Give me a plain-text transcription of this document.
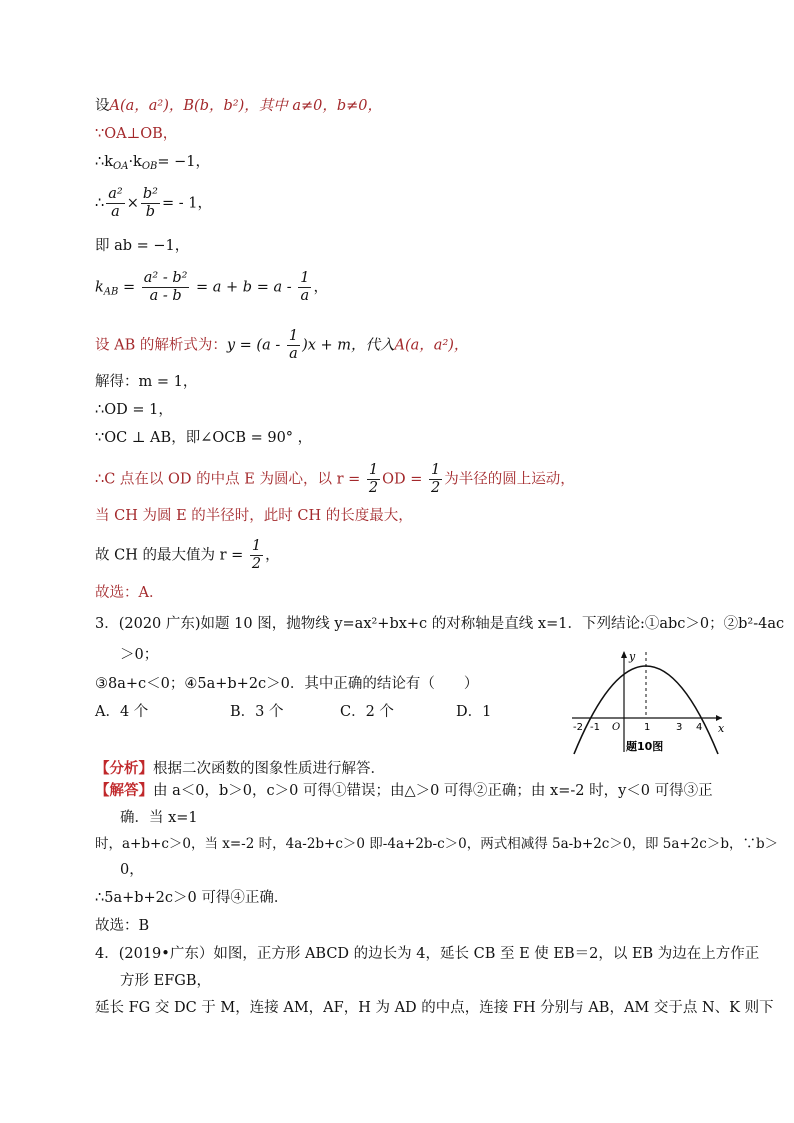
设A(a，a²)，B(b，b²)，其中 a≠0，b≠0，
∵OA⊥OB，
$\therefore k_{OA}\cdot k_{OB}= -1$，
∴ $\frac{\text{a²}}{a} \times \frac{\text{b²}}{b}$ = - 1，
即 ab = −1，
$k_{AB} = \frac{\text{a² - b²}}{a - b} = a + b = a - \frac{1}{a}$ ，
设 AB 的解析式为：$y = (a - \frac{1}{a} )x + m$，代入A(a，a²)，
解得：m = 1，
∴OD = 1，
∵OC ⊥ AB，即∠OCB = 90° ，
∴C 点在以 OD 的中点 E 为圆心，以 $r = \frac{1}{2}$ OD = $\frac{1}{2}$ 为半径的圆上运动，
当 CH 为圆 E 的半径时，此时 CH 的长度最大，
故 CH 的最大值为 $r = \frac{1}{2}$ ，
故选：A．
3．(2020 广东)如题 10 图，抛物线 y=ax²+bx+c 的对称轴是直线 x=1．下列结论:①abc＞0；②b²-4ac
＞0；
③8a+c＜0；④5a+b+2c＞0．其中正确的结论有（　　）
A．4 个	B．3 个	C．2 个	D．1
y
x
-2 -1 O 1	3 4
题10图
【分析】根据二次函数的图象性质进行解答．
【解答】由 a＜0，b＞0，c＞0 可得①错误；由△＞0 可得②正确；由 x=-2 时，y＜0 可得③正
确．当 x=1
时，a+b+c＞0，当 x=-2 时，4a-2b+c＞0 即-4a+2b-c＞0，两式相减得 5a-b+2c＞0，即 5a+2c＞b，∵b＞
0，
∴5a+b+2c＞0 可得④正确．
故选：B
4．(2019•广东）如图，正方形 ABCD 的边长为 4，延长 CB 至 E 使 EB＝2，以 EB 为边在上方作正
方形 EFGB，
延长 FG 交 DC 于 M，连接 AM，AF，H 为 AD 的中点，连接 FH 分别与 AB，AM 交于点 N、K 则下
